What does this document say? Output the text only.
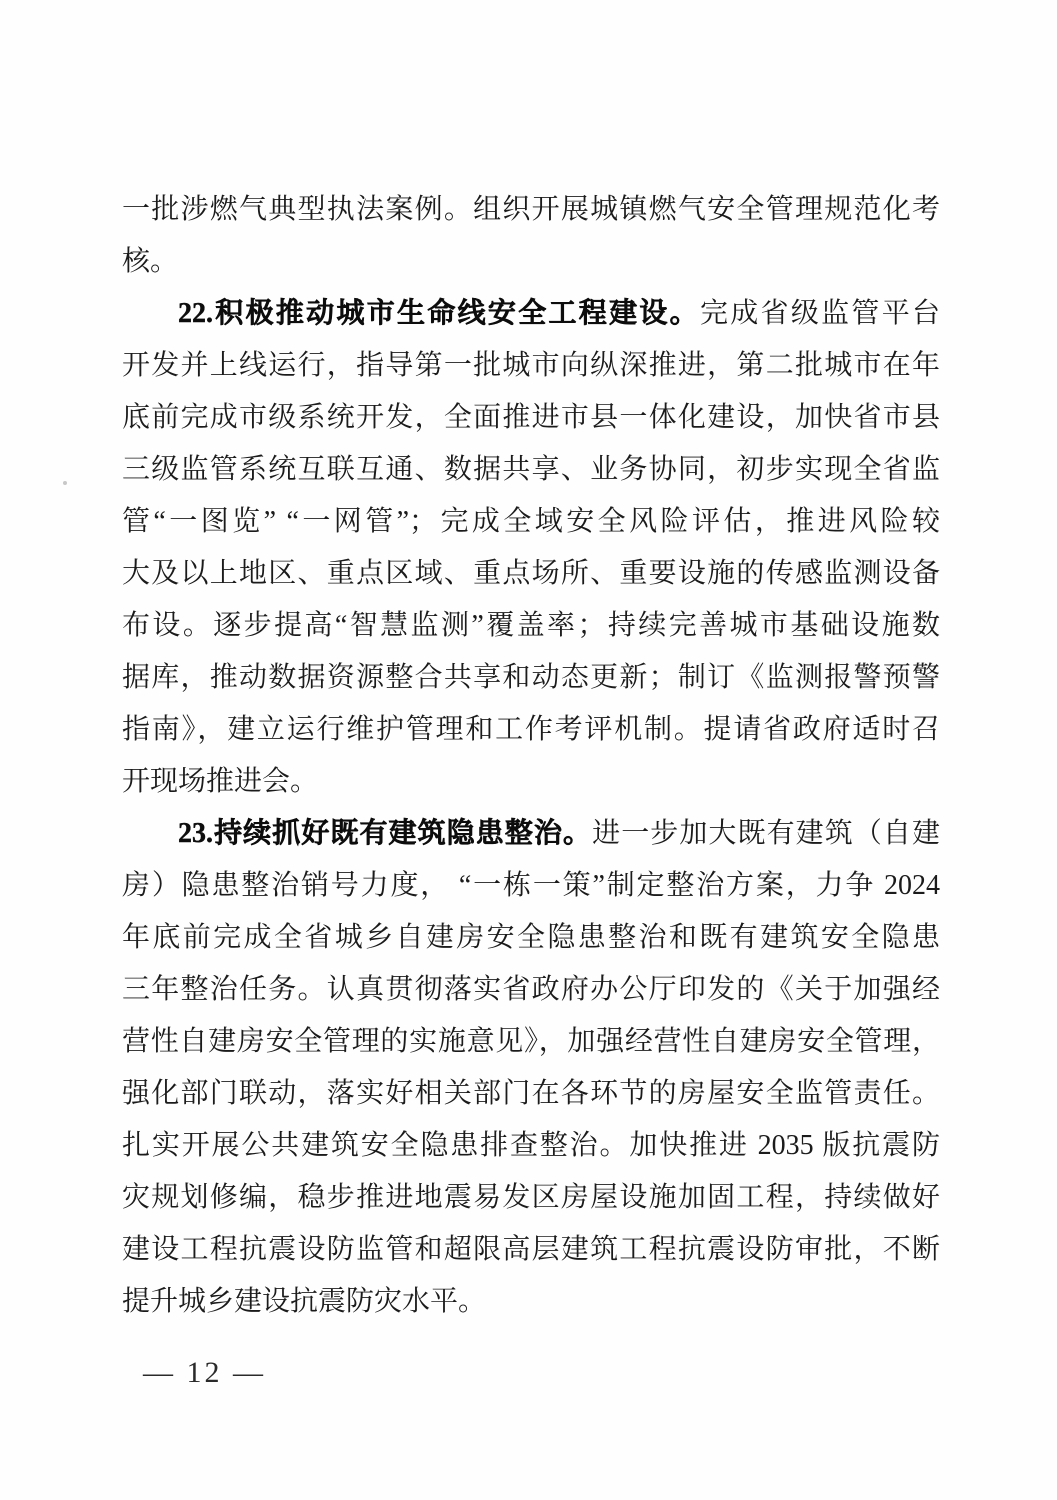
一批涉燃气典型执法案例。组织开展城镇燃气安全管理规范化考
核。
22.积极推动城市生命线安全工程建设。完成省级监管平台
开发并上线运行，指导第一批城市向纵深推进，第二批城市在年
底前完成市级系统开发，全面推进市县一体化建设，加快省市县
三级监管系统互联互通、数据共享、业务协同，初步实现全省监
管“一图览” “一网管”；完成全域安全风险评估，推进风险较
大及以上地区、重点区域、重点场所、重要设施的传感监测设备
布设。逐步提高“智慧监测”覆盖率；持续完善城市基础设施数
据库，推动数据资源整合共享和动态更新；制订《监测报警预警
指南》，建立运行维护管理和工作考评机制。提请省政府适时召
开现场推进会。
23.持续抓好既有建筑隐患整治。进一步加大既有建筑（自建
房）隐患整治销号力度， “一栋一策”制定整治方案，力争 2024
年底前完成全省城乡自建房安全隐患整治和既有建筑安全隐患
三年整治任务。认真贯彻落实省政府办公厅印发的《关于加强经
营性自建房安全管理的实施意见》，加强经营性自建房安全管理，
强化部门联动，落实好相关部门在各环节的房屋安全监管责任。
扎实开展公共建筑安全隐患排查整治。加快推进 2035 版抗震防
灾规划修编，稳步推进地震易发区房屋设施加固工程，持续做好
建设工程抗震设防监管和超限高层建筑工程抗震设防审批，不断
提升城乡建设抗震防灾水平。
— 12 —
